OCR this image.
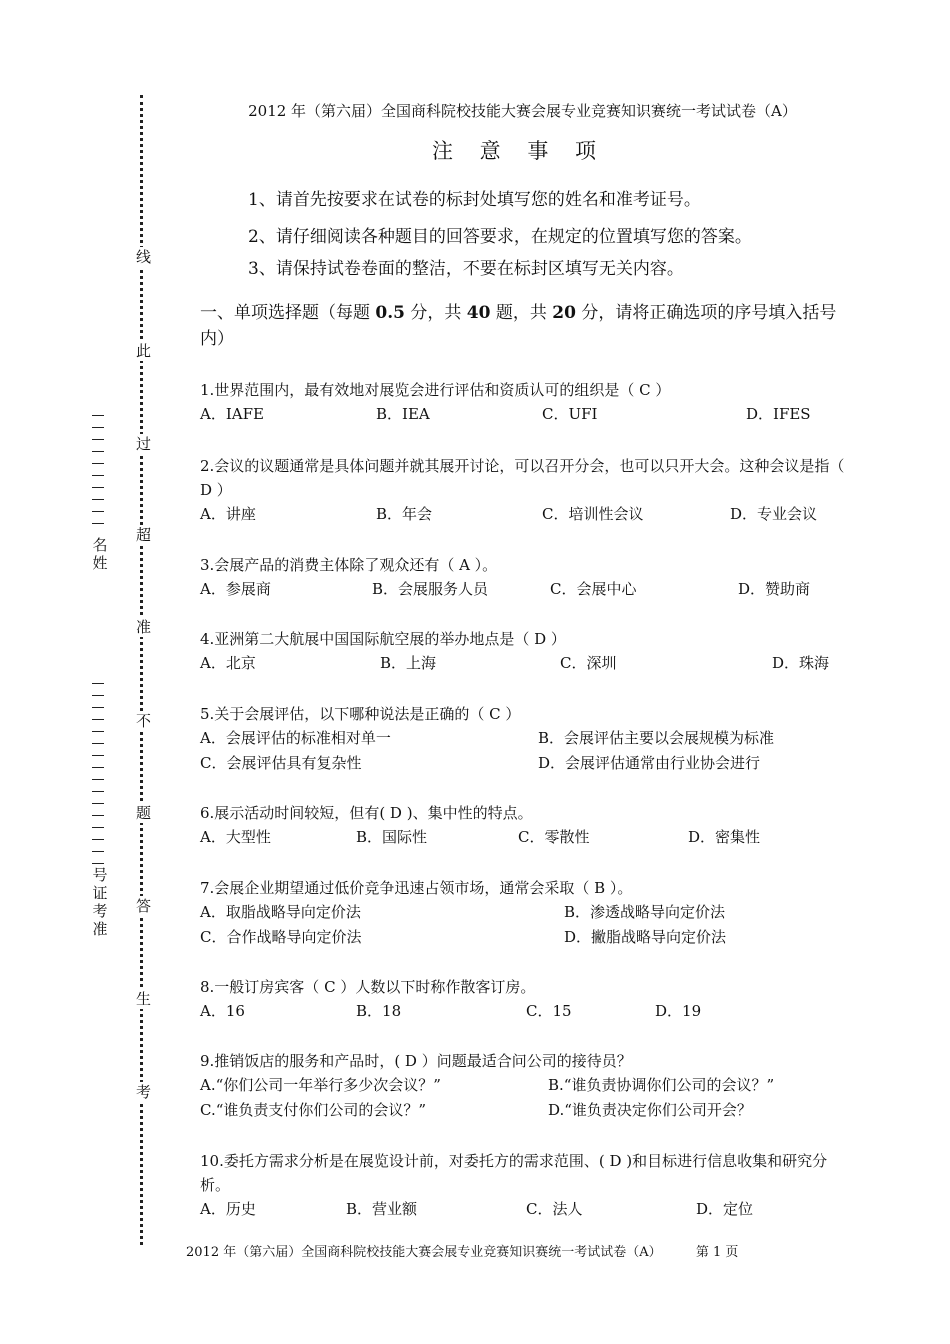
线
此
过
超
准
不
题
答
生
考
名姓
号证考准
2012 年（第六届）全国商科院校技能大赛会展专业竞赛知识赛统一考试试卷（A）
注 意 事 项
1、请首先按要求在试卷的标封处填写您的姓名和准考证号。
2、请仔细阅读各种题目的回答要求，在规定的位置填写您的答案。
3、请保持试卷卷面的整洁，不要在标封区填写无关内容。
一、单项选择题（每题 0.5 分，共 40 题，共 20 分，请将正确选项的序号填入括号内）
1.世界范围内，最有效地对展览会进行评估和资质认可的组织是（ C ）
A．IAFE	B．IEA	C．UFI	D．IFES
2.会议的议题通常是具体问题并就其展开讨论，可以召开分会，也可以只开大会。这种会议是指（ D ）
A．讲座	B．年会	C．培训性会议	D．专业会议
3.会展产品的消费主体除了观众还有（ A ）。
A．参展商	B．会展服务人员	C．会展中心	D．赞助商
4.亚洲第二大航展中国国际航空展的举办地点是（ D ）
A．北京	B．上海	C．深圳	D．珠海
5.关于会展评估，以下哪种说法是正确的（ C ）
A．会展评估的标准相对单一	B．会展评估主要以会展规模为标准
C．会展评估具有复杂性	D．会展评估通常由行业协会进行
6.展示活动时间较短，但有( D )、集中性的特点。
A．大型性	B．国际性	C．零散性	D．密集性
7.会展企业期望通过低价竞争迅速占领市场，通常会采取（ B ）。
A．取脂战略导向定价法	B．渗透战略导向定价法
C．合作战略导向定价法	D．撇脂战略导向定价法
8.一般订房宾客（ C ）人数以下时称作散客订房。
A．16	B．18	C．15	D．19
9.推销饭店的服务和产品时，( D ）问题最适合问公司的接待员？
A.“你们公司一年举行多少次会议？”	B.“谁负责协调你们公司的会议？”
C.“谁负责支付你们公司的会议？”	D.“谁负责决定你们公司开会？
10.委托方需求分析是在展览设计前，对委托方的需求范围、( D )和目标进行信息收集和研究分析。
A．历史	B．营业额	C．法人	D．定位
2012 年（第六届）全国商科院校技能大赛会展专业竞赛知识赛统一考试试卷（A）	第 1 页
